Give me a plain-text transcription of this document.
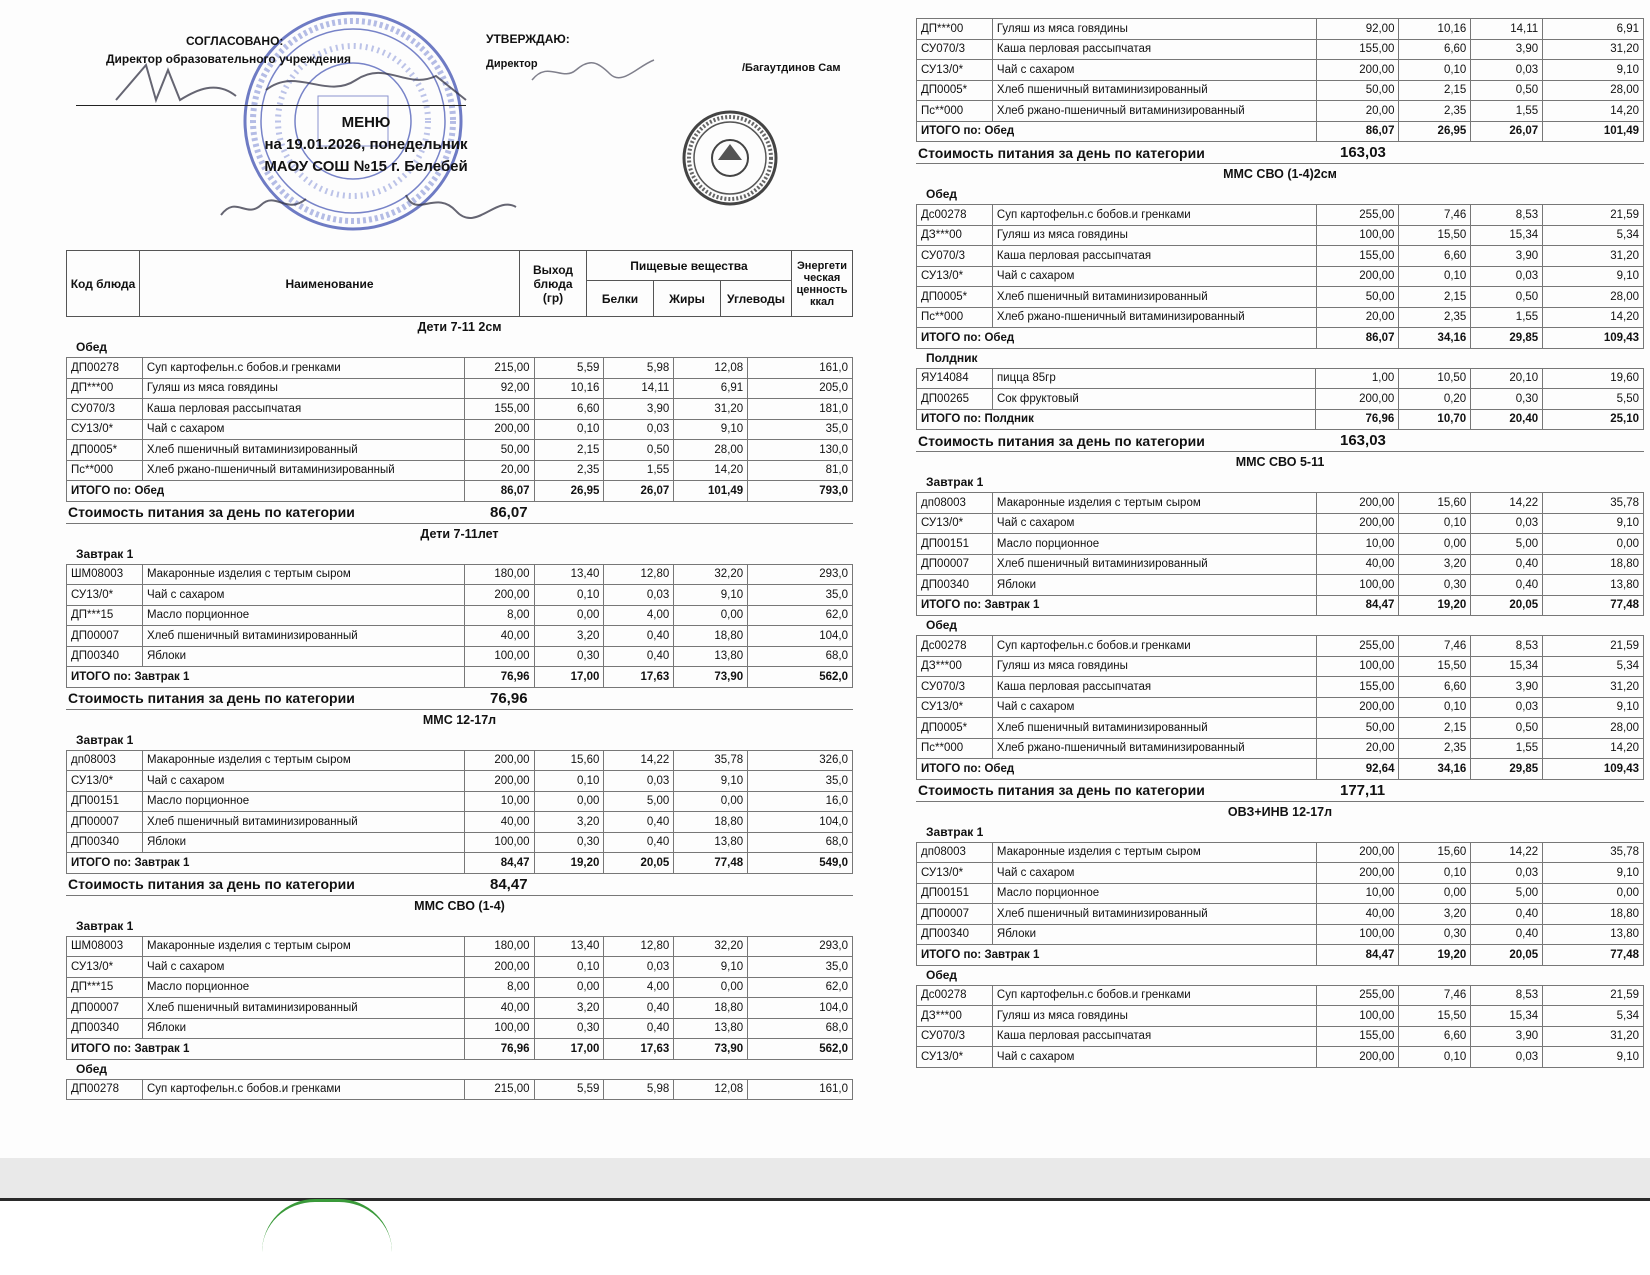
СОГЛАСОВАНО:
Директор образовательного учреждения
УТВЕРЖДАЮ:
Директор	/Багаутдинов Сам
МЕНЮ
на 19.01.2026, понедельник
МАОУ СОШ №15 г. Белебей
Код блюда	Наименование	Выход блюда (гр)	Пищевые вещества			Энергети ческая ценность ккал
			Белки	Жиры	Углеводы	
Дети 7-11 2см
Обед
ДП00278	Суп картофельн.с бобов.и гренками	215,00	5,59	5,98	12,08	161,0
ДП***00	Гуляш из мяса говядины	92,00	10,16	14,11	6,91	205,0
СУ070/3	Каша перловая рассыпчатая	155,00	6,60	3,90	31,20	181,0
СУ13/0*	Чай с сахаром	200,00	0,10	0,03	9,10	35,0
ДП0005*	Хлеб пшеничный витаминизированный	50,00	2,15	0,50	28,00	130,0
Пс**000	Хлеб ржано-пшеничный витаминизированный	20,00	2,35	1,55	14,20	81,0
ИТОГО по: Обед		86,07	26,95	26,07	101,49	793,0
Стоимость питания за день по категории	86,07
Дети 7-11лет
Завтрак 1
ШМ08003	Макаронные изделия с тертым сыром	180,00	13,40	12,80	32,20	293,0
СУ13/0*	Чай с сахаром	200,00	0,10	0,03	9,10	35,0
ДП***15	Масло порционное	8,00	0,00	4,00	0,00	62,0
ДП00007	Хлеб пшеничный витаминизированный	40,00	3,20	0,40	18,80	104,0
ДП00340	Яблоки	100,00	0,30	0,40	13,80	68,0
ИТОГО по: Завтрак 1		76,96	17,00	17,63	73,90	562,0
Стоимость питания за день по категории	76,96
ММС 12-17л
Завтрак 1
дп08003	Макаронные изделия с тертым сыром	200,00	15,60	14,22	35,78	326,0
СУ13/0*	Чай с сахаром	200,00	0,10	0,03	9,10	35,0
ДП00151	Масло порционное	10,00	0,00	5,00	0,00	16,0
ДП00007	Хлеб пшеничный витаминизированный	40,00	3,20	0,40	18,80	104,0
ДП00340	Яблоки	100,00	0,30	0,40	13,80	68,0
ИТОГО по: Завтрак 1		84,47	19,20	20,05	77,48	549,0
Стоимость питания за день по категории	84,47
ММС СВО (1-4)
Завтрак 1
ШМ08003	Макаронные изделия с тертым сыром	180,00	13,40	12,80	32,20	293,0
СУ13/0*	Чай с сахаром	200,00	0,10	0,03	9,10	35,0
ДП***15	Масло порционное	8,00	0,00	4,00	0,00	62,0
ДП00007	Хлеб пшеничный витаминизированный	40,00	3,20	0,40	18,80	104,0
ДП00340	Яблоки	100,00	0,30	0,40	13,80	68,0
ИТОГО по: Завтрак 1		76,96	17,00	17,63	73,90	562,0
Обед
ДП00278	Суп картофельн.с бобов.и гренками	215,00	5,59	5,98	12,08	161,0
ДП***00	Гуляш из мяса говядины	92,00	10,16	14,11	6,91
СУ070/3	Каша перловая рассыпчатая	155,00	6,60	3,90	31,20
СУ13/0*	Чай с сахаром	200,00	0,10	0,03	9,10
ДП0005*	Хлеб пшеничный витаминизированный	50,00	2,15	0,50	28,00
Пс**000	Хлеб ржано-пшеничный витаминизированный	20,00	2,35	1,55	14,20
ИТОГО по: Обед		86,07	26,95	26,07	101,49
Стоимость питания за день по категории	163,03
ММС СВО (1-4)2см
Обед
Дс00278	Суп картофельн.с бобов.и гренками	255,00	7,46	8,53	21,59
ДЗ***00	Гуляш из мяса говядины	100,00	15,50	15,34	5,34
СУ070/3	Каша перловая рассыпчатая	155,00	6,60	3,90	31,20
СУ13/0*	Чай с сахаром	200,00	0,10	0,03	9,10
ДП0005*	Хлеб пшеничный витаминизированный	50,00	2,15	0,50	28,00
Пс**000	Хлеб ржано-пшеничный витаминизированный	20,00	2,35	1,55	14,20
ИТОГО по: Обед		86,07	34,16	29,85	109,43
Полдник
ЯУ14084	пицца 85гр	1,00	10,50	20,10	19,60
ДП00265	Сок фруктовый	200,00	0,20	0,30	5,50
ИТОГО по: Полдник		76,96	10,70	20,40	25,10
Стоимость питания за день по категории	163,03
ММС СВО 5-11
Завтрак 1
дп08003	Макаронные изделия с тертым сыром	200,00	15,60	14,22	35,78
СУ13/0*	Чай с сахаром	200,00	0,10	0,03	9,10
ДП00151	Масло порционное	10,00	0,00	5,00	0,00
ДП00007	Хлеб пшеничный витаминизированный	40,00	3,20	0,40	18,80
ДП00340	Яблоки	100,00	0,30	0,40	13,80
ИТОГО по: Завтрак 1		84,47	19,20	20,05	77,48
Обед
Дс00278	Суп картофельн.с бобов.и гренками	255,00	7,46	8,53	21,59
ДЗ***00	Гуляш из мяса говядины	100,00	15,50	15,34	5,34
СУ070/3	Каша перловая рассыпчатая	155,00	6,60	3,90	31,20
СУ13/0*	Чай с сахаром	200,00	0,10	0,03	9,10
ДП0005*	Хлеб пшеничный витаминизированный	50,00	2,15	0,50	28,00
Пс**000	Хлеб ржано-пшеничный витаминизированный	20,00	2,35	1,55	14,20
ИТОГО по: Обед		92,64	34,16	29,85	109,43
Стоимость питания за день по категории	177,11
ОВЗ+ИНВ 12-17л
Завтрак 1
дп08003	Макаронные изделия с тертым сыром	200,00	15,60	14,22	35,78
СУ13/0*	Чай с сахаром	200,00	0,10	0,03	9,10
ДП00151	Масло порционное	10,00	0,00	5,00	0,00
ДП00007	Хлеб пшеничный витаминизированный	40,00	3,20	0,40	18,80
ДП00340	Яблоки	100,00	0,30	0,40	13,80
ИТОГО по: Завтрак 1		84,47	19,20	20,05	77,48
Обед
Дс00278	Суп картофельн.с бобов.и гренками	255,00	7,46	8,53	21,59
ДЗ***00	Гуляш из мяса говядины	100,00	15,50	15,34	5,34
СУ070/3	Каша перловая рассыпчатая	155,00	6,60	3,90	31,20
СУ13/0*	Чай с сахаром	200,00	0,10	0,03	9,10
